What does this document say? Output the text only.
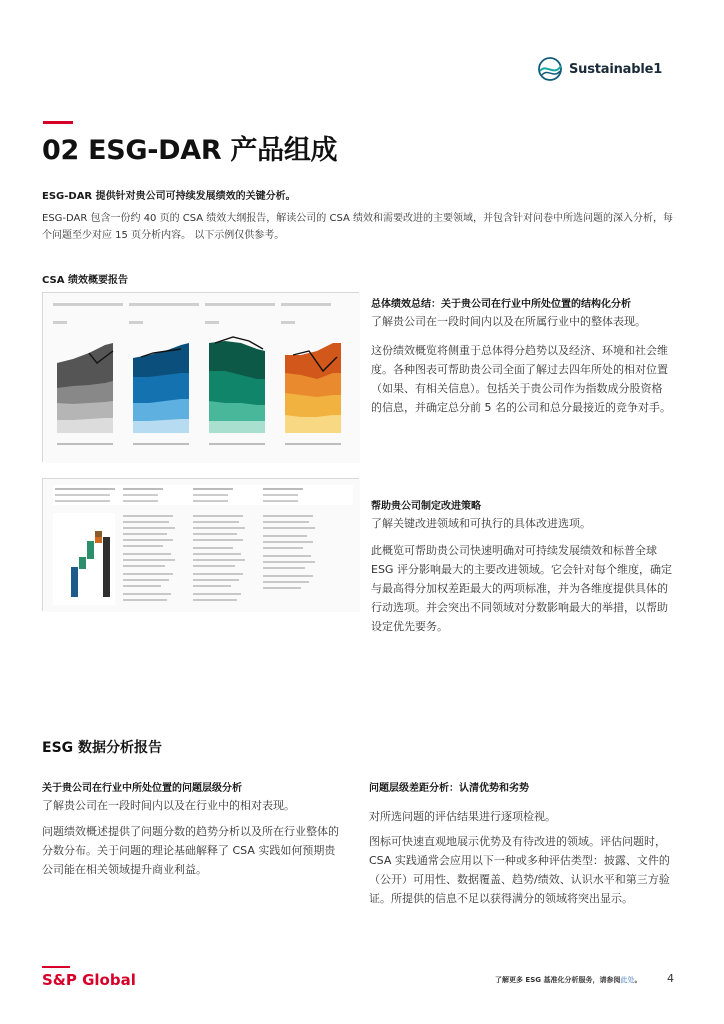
Sustainable1
02 ESG-DAR 产品组成
ESG-DAR 提供针对贵公司可持续发展绩效的关键分析。
ESG-DAR 包含一份约 40 页的 CSA 绩效大纲报告，解读公司的 CSA 绩效和需要改进的主要领域，并包含针对问卷中所选问题的深入分析，每个问题至少对应 15 页分析内容。 以下示例仅供参考。
CSA 绩效概要报告
总体绩效总结：关于贵公司在行业中所处位置的结构化分析
了解贵公司在一段时间内以及在所属行业中的整体表现。
这份绩效概览将侧重于总体得分趋势以及经济、环境和社会维度。各种图表可帮助贵公司全面了解过去四年所处的相对位置（如果、有相关信息）。包括关于贵公司作为指数成分股资格的信息，并确定总分前 5 名的公司和总分最接近的竞争对手。
帮助贵公司制定改进策略
了解关键改进领域和可执行的具体改进选项。
此概览可帮助贵公司快速明确对可持续发展绩效和标普全球 ESG 评分影响最大的主要改进领域。它会针对每个维度，确定与最高得分加权差距最大的两项标准，并为各维度提供具体的行动选项。并会突出不同领域对分数影响最大的举措，以帮助设定优先要务。
ESG 数据分析报告
关于贵公司在行业中所处位置的问题层级分析
了解贵公司在一段时间内以及在行业中的相对表现。
问题绩效概述提供了问题分数的趋势分析以及所在行业整体的分数分布。关于问题的理论基础解释了 CSA 实践如何预期贵公司能在相关领域提升商业利益。
问题层级差距分析：认清优势和劣势
对所选问题的评估结果进行逐项检视。
图标可快速直观地展示优势及有待改进的领域。评估问题时，CSA 实践通常会应用以下一种或多种评估类型：披露、文件的（公开）可用性、数据覆盖、趋势/绩效、认识水平和第三方验证。所提供的信息不足以获得满分的领域将突出显示。
S&P Global	了解更多 ESG 基准化分析服务，请参阅此处。 4
